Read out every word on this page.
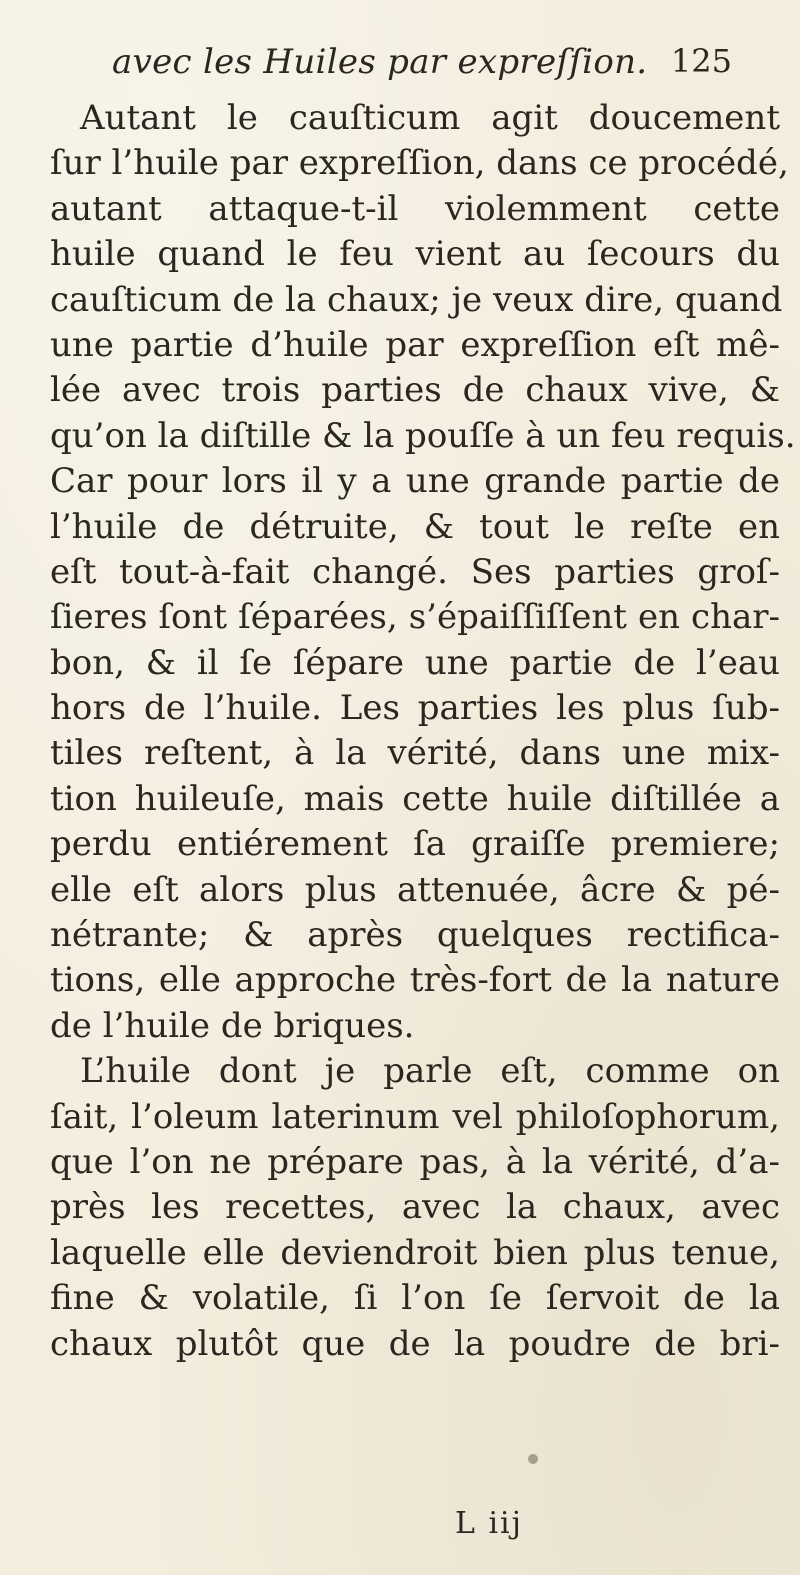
avec les Huiles par expreſſion. 125
Autant le cauſticum agit doucement
ſur l’huile par expreſſion, dans ce procédé,
autant attaque-t-il violemment cette
huile quand le feu vient au ſecours du
cauſticum de la chaux; je veux dire, quand
une partie d’huile par expreſſion eſt mê-
lée avec trois parties de chaux vive, &
qu’on la diſtille & la pouſſe à un feu requis.
Car pour lors il y a une grande partie de
l’huile de détruite, & tout le reſte en
eſt tout-à-fait changé. Ses parties groſ-
ſieres ſont ſéparées, s’épaiſſiſſent en char-
bon, & il ſe ſépare une partie de l’eau
hors de l’huile. Les parties les plus ſub-
tiles reſtent, à la vérité, dans une mix-
tion huileuſe, mais cette huile diſtillée a
perdu entiérement ſa graiſſe premiere;
elle eſt alors plus attenuée, âcre & pé-
nétrante; & après quelques rectifica-
tions, elle approche très-fort de la nature
de l’huile de briques.
L’huile dont je parle eſt, comme on
ſait, l’oleum laterinum vel philoſophorum,
que l’on ne prépare pas, à la vérité, d’a-
près les recettes, avec la chaux, avec
laquelle elle deviendroit bien plus tenue,
fine & volatile, ſi l’on ſe ſervoit de la
chaux plutôt que de la poudre de bri-
L iij
